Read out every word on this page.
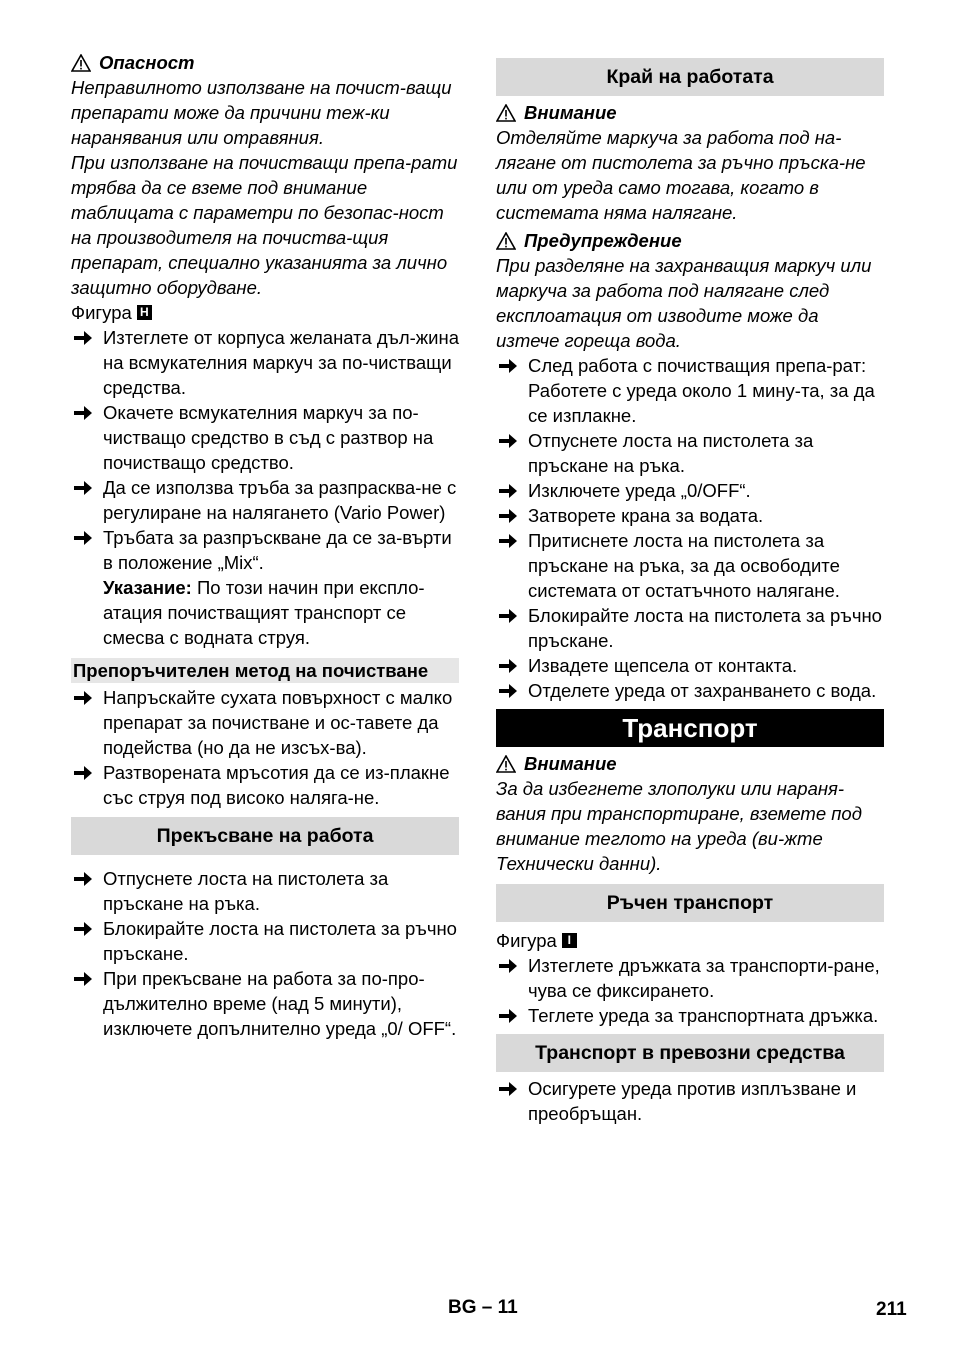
Опасност
Неправилното използване на почист-ващи препарати може да причини теж-ки наранявания или отравяния.
При използване на почистващи препа-рати трябва да се вземе под внимание таблицата с параметри по безопас-ност на производителя на почиства-щия препарат, специално указанията за лично защитно оборудване.
Фигура H
Изтеглете от корпуса желаната дъл-жина на всмукателния маркуч за по-чистващи средства.
Окачете всмукателния маркуч за по-чистващо средство в съд с разтвор на почистващо средство.
Да се използва тръба за разпрасква-не с регулиране на налягането (Vario Power)
Тръбата за разпръскване да се за-върти в положение „Mix“.
Указание: По този начин при експло-атация почистващият транспорт се смесва с водната струя.
Препоръчителен метод на почистване
Напръскайте сухата повърхност с малко препарат за почистване и ос-тавете да подейства (но да не изсъх-ва).
Разтворената мръсотия да се из-плакне със струя под високо наляга-не.
Прекъсване на работа
Отпуснете лоста на пистолета за пръскане на ръка.
Блокирайте лоста на пистолета за ръчно пръскане.
При прекъсване на работа за по-про-дължително време (над 5 минути), изключете допълнително уреда „0/ OFF“.
Край на работата
Внимание
Отделяйте маркуча за работа под на-лягане от пистолета за ръчно пръска-не или от уреда само тогава, когато в системата няма налягане.
Предупреждение
При разделяне на захранващия маркуч или маркуча за работа под налягане след експлоатация от изводите може да изтече гореща вода.
След работа с почистващия препа-рат: Работете с уреда около 1 мину-та, за да се изплакне.
Отпуснете лоста на пистолета за пръскане на ръка.
Изключете уреда „0/OFF“.
Затворете крана за водата.
Притиснете лоста на пистолета за пръскане на ръка, за да освободите системата от остатъчното налягане.
Блокирайте лоста на пистолета за ръчно пръскане.
Извадете щепсела от контакта.
Отделете уреда от захранването с вода.
Транспорт
Внимание
За да избегнете злополуки или нараня-вания при транспортиране, вземете под внимание теглото на уреда (ви-жте Технически данни).
Ръчен транспорт
Фигура I
Изтеглете дръжката за транспорти-ране, чува се фиксирането.
Теглете уреда за транспортната дръжка.
Транспорт в превозни средства
Осигурете уреда против изплъзване и преобръщан.
BG – 11	211
